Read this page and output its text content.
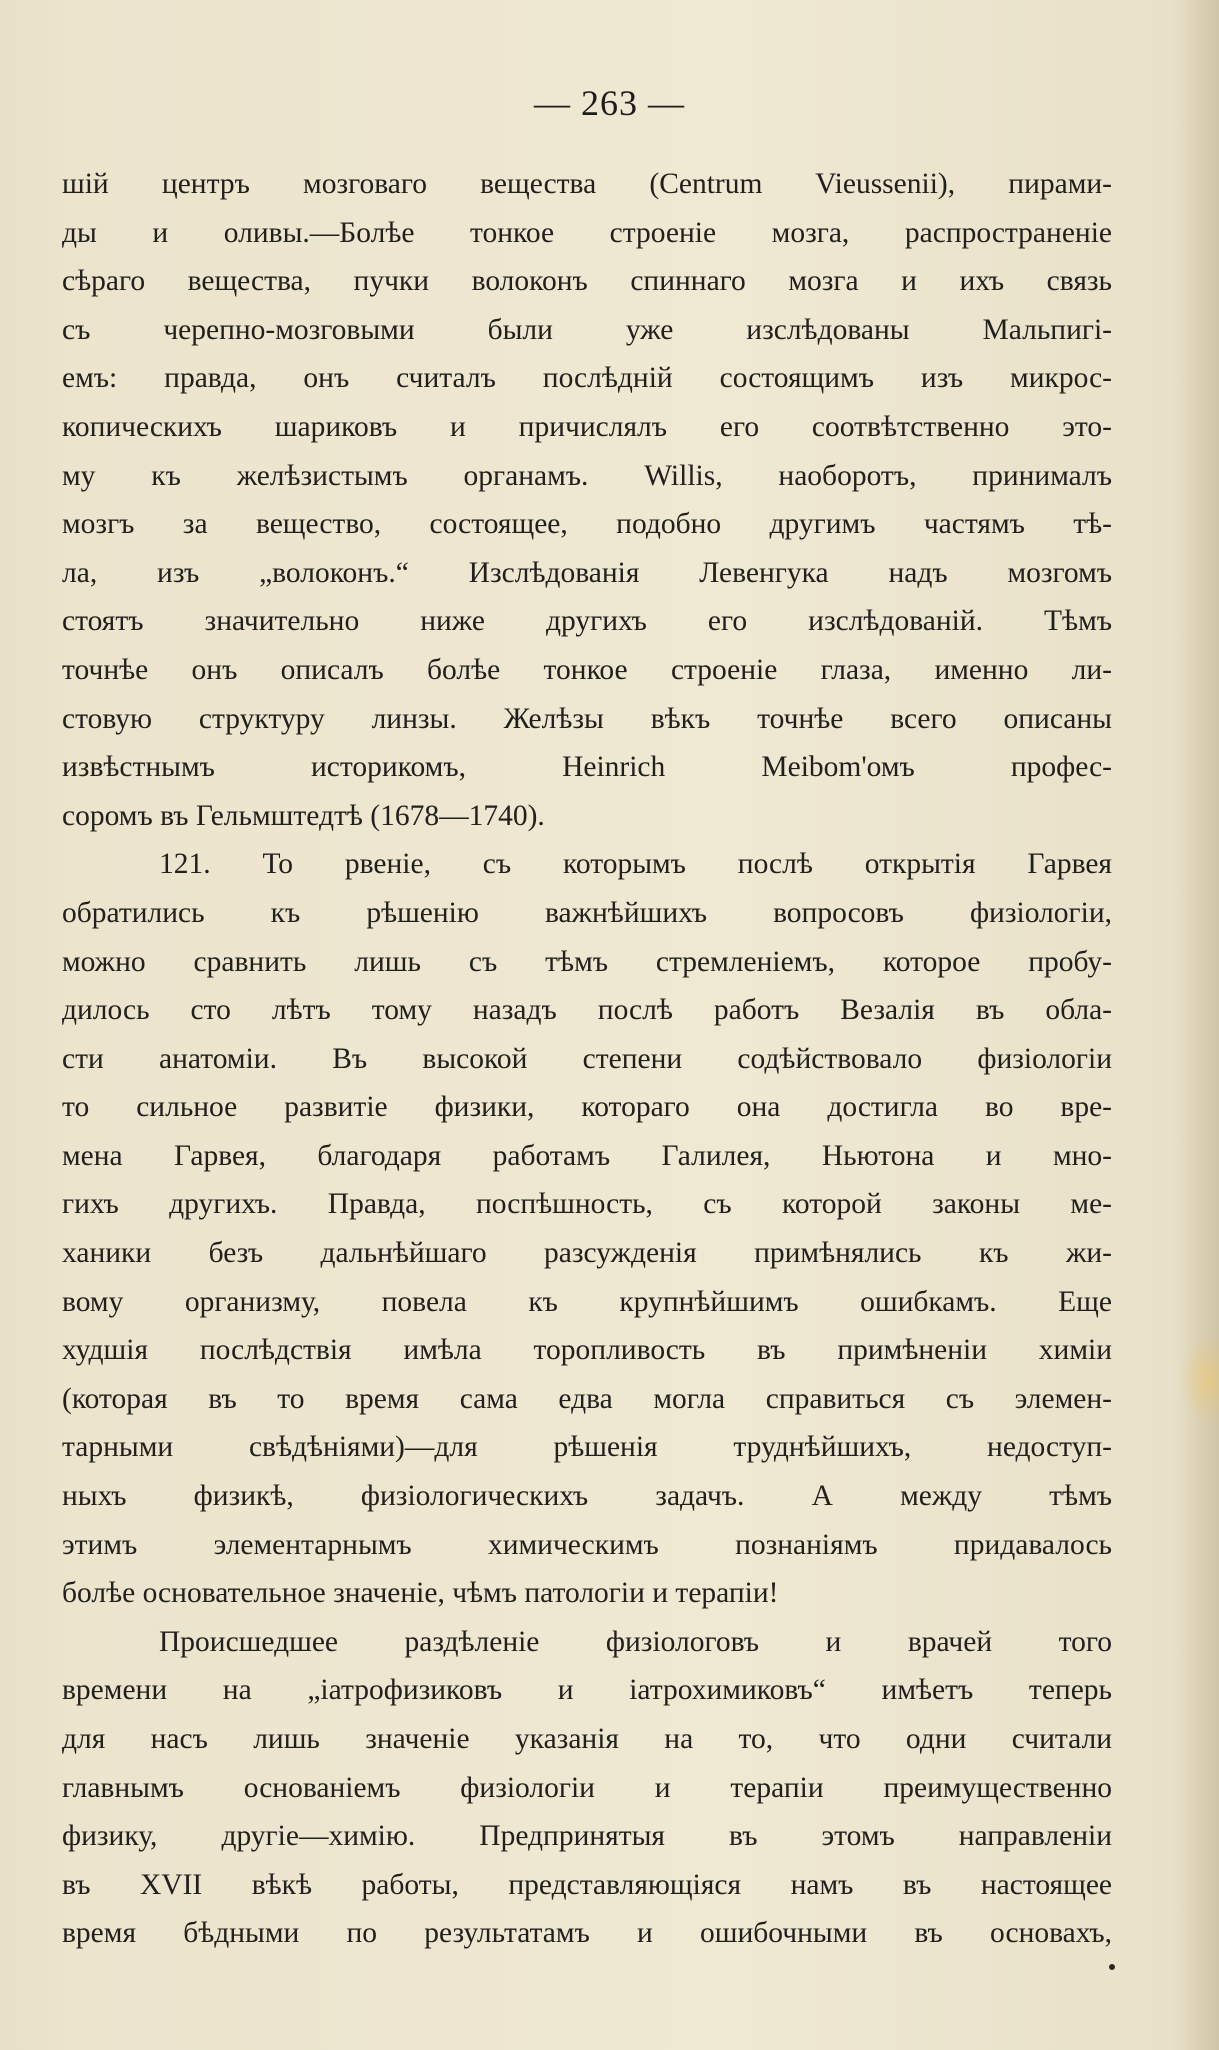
— 263 —
шій центръ мозговаго вещества (Centrum Vieussenii), пирами-
ды и оливы.—Болѣе тонкое строеніе мозга, распространеніе
сѣраго вещества, пучки волоконъ спиннаго мозга и ихъ связь
съ черепно-мозговыми были уже изслѣдованы Мальпигі-
емъ: правда, онъ считалъ послѣдній состоящимъ изъ микрос-
копическихъ шариковъ и причислялъ его соотвѣтственно это-
му къ желѣзистымъ органамъ. Willis, наоборотъ, принималъ
мозгъ за вещество, состоящее, подобно другимъ частямъ тѣ-
ла, изъ „волоконъ.“ Изслѣдованія Левенгука надъ мозгомъ
стоятъ значительно ниже другихъ его изслѣдованій. Тѣмъ
точнѣе онъ описалъ болѣе тонкое строеніе глаза, именно ли-
стовую структуру линзы. Желѣзы вѣкъ точнѣе всего описаны
извѣстнымъ историкомъ, Heinrich Meibom'омъ профес-
соромъ въ Гельмштедтѣ (1678—1740).
121. То рвеніе, съ которымъ послѣ открытія Гарвея
обратились къ рѣшенію важнѣйшихъ вопросовъ физіологіи,
можно сравнить лишь съ тѣмъ стремленіемъ, которое пробу-
дилось сто лѣтъ тому назадъ послѣ работъ Везалія въ обла-
сти анатоміи. Въ высокой степени содѣйствовало физіологіи
то сильное развитіе физики, котораго она достигла во вре-
мена Гарвея, благодаря работамъ Галилея, Ньютона и мно-
гихъ другихъ. Правда, поспѣшность, съ которой законы ме-
ханики безъ дальнѣйшаго разсужденія примѣнялись къ жи-
вому организму, повела къ крупнѣйшимъ ошибкамъ. Еще
худшія послѣдствія имѣла торопливость въ примѣненіи химіи
(которая въ то время сама едва могла справиться съ элемен-
тарными свѣдѣніями)—для рѣшенія труднѣйшихъ, недоступ-
ныхъ физикѣ, физіологическихъ задачъ. А между тѣмъ
этимъ элементарнымъ химическимъ познаніямъ придавалось
болѣе основательное значеніе, чѣмъ патологіи и терапіи!
Происшедшее раздѣленіе физіологовъ и врачей того
времени на „іатрофизиковъ и іатрохимиковъ“ имѣетъ теперь
для насъ лишь значеніе указанія на то, что одни считали
главнымъ основаніемъ физіологіи и терапіи преимущественно
физику, другіе—химію. Предпринятыя въ этомъ направленіи
въ XVII вѣкѣ работы, представляющіяся намъ въ настоящее
время бѣдными по результатамъ и ошибочными въ основахъ,
